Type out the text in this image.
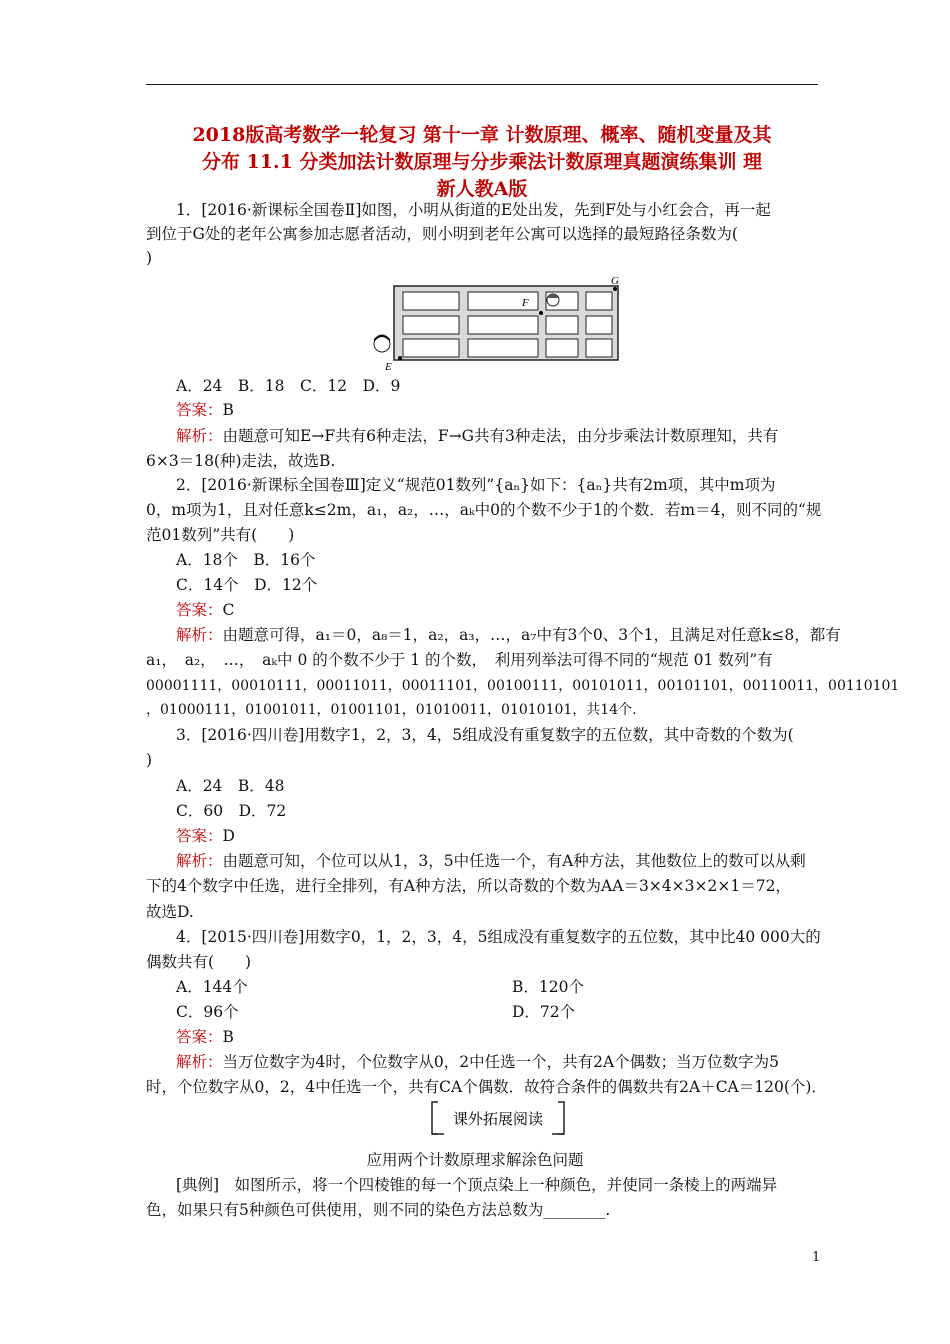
2018版高考数学一轮复习 第十一章 计数原理、概率、随机变量及其
分布 11.1 分类加法计数原理与分步乘法计数原理真题演练集训 理
新人教A版
1．[2016·新课标全国卷Ⅱ]如图，小明从街道的E处出发，先到F处与小红会合，再一起
到位于G处的老年公寓参加志愿者活动，则小明到老年公寓可以选择的最短路径条数为(
)
F
G
E
A．24　B．18　C．12　D．9
答案：B
解析：由题意可知E→F共有6种走法，F→G共有3种走法，由分步乘法计数原理知，共有
6×3＝18(种)走法，故选B.
2．[2016·新课标全国卷Ⅲ]定义“规范01数列”{aₙ}如下：{aₙ}共有2m项，其中m项为
0，m项为1，且对任意k≤2m，a₁，a₂，…，aₖ中0的个数不少于1的个数．若m＝4，则不同的“规
范01数列”共有(　　)
A．18个　B．16个
C．14个　D．12个
答案：C
解析：由题意可得，a₁＝0，a₈＝1，a₂，a₃，…，a₇中有3个0、3个1，且满足对任意k≤8，都有
a₁，　a₂，　…，　aₖ中 0 的个数不少于 1 的个数，　利用列举法可得不同的“规范 01 数列”有
00001111，00010111，00011011，00011101，00100111，00101011，00101101，00110011，00110101
，01000111，01001011，01001101，01010011，01010101，共14个.
3．[2016·四川卷]用数字1，2，3，4，5组成没有重复数字的五位数，其中奇数的个数为(
)
A．24　B．48
C．60　D．72
答案：D
解析：由题意可知，个位可以从1，3，5中任选一个，有A种方法，其他数位上的数可以从剩
下的4个数字中任选，进行全排列，有A种方法，所以奇数的个数为AA＝3×4×3×2×1＝72，
故选D.
4．[2015·四川卷]用数字0，1，2，3，4，5组成没有重复数字的五位数，其中比40 000大的
偶数共有(　　)
A．144个	B．120个
C．96个	D．72个
答案：B
解析：当万位数字为4时，个位数字从0，2中任选一个，共有2A个偶数；当万位数字为5
时，个位数字从0，2，4中任选一个，共有CA个偶数．故符合条件的偶数共有2A＋CA＝120(个)．
课外拓展阅读
应用两个计数原理求解涂色问题
[典例]　如图所示，将一个四棱锥的每一个顶点染上一种颜色，并使同一条棱上的两端异
色，如果只有5种颜色可供使用，则不同的染色方法总数为________.
1
